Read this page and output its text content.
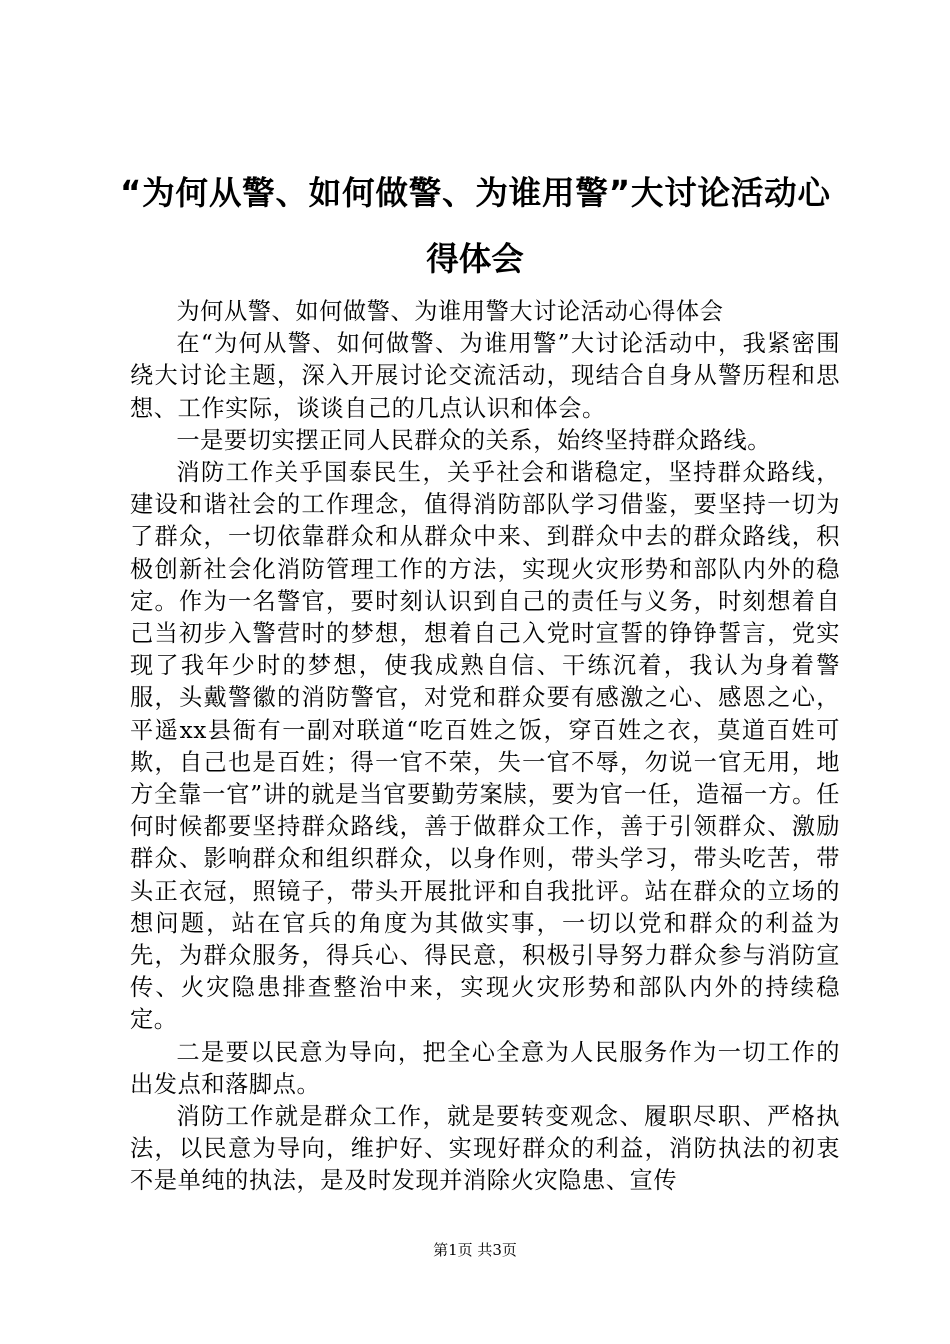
“为何从警、如何做警、为谁用警”大讨论活动心得体会

为何从警、如何做警、为谁用警大讨论活动心得体会

在“为何从警、如何做警、为谁用警”大讨论活动中，我紧密围绕大讨论主题，深入开展讨论交流活动，现结合自身从警历程和思想、工作实际，谈谈自己的几点认识和体会。

一是要切实摆正同人民群众的关系，始终坚持群众路线。

消防工作关乎国泰民生，关乎社会和谐稳定，坚持群众路线，建设和谐社会的工作理念，值得消防部队学习借鉴，要坚持一切为了群众，一切依靠群众和从群众中来、到群众中去的群众路线，积极创新社会化消防管理工作的方法，实现火灾形势和部队内外的稳定。作为一名警官，要时刻认识到自己的责任与义务，时刻想着自己当初步入警营时的梦想，想着自己入党时宣誓的铮铮誓言，党实现了我年少时的梦想，使我成熟自信、干练沉着，我认为身着警服，头戴警徽的消防警官，对党和群众要有感激之心、感恩之心，平遥xx县衙有一副对联道“吃百姓之饭，穿百姓之衣，莫道百姓可欺，自己也是百姓；得一官不荣，失一官不辱，勿说一官无用，地方全靠一官”讲的就是当官要勤劳案牍，要为官一任，造福一方。任何时候都要坚持群众路线，善于做群众工作，善于引领群众、激励群众、影响群众和组织群众，以身作则，带头学习，带头吃苦，带头正衣冠，照镜子，带头开展批评和自我批评。站在群众的立场的想问题，站在官兵的角度为其做实事，一切以党和群众的利益为先，为群众服务，得兵心、得民意，积极引导努力群众参与消防宣传、火灾隐患排查整治中来，实现火灾形势和部队内外的持续稳定。

二是要以民意为导向，把全心全意为人民服务作为一切工作的出发点和落脚点。

消防工作就是群众工作，就是要转变观念、履职尽职、严格执法，以民意为导向，维护好、实现好群众的利益，消防执法的初衷不是单纯的执法，是及时发现并消除火灾隐患、宣传

第1页 共3页
